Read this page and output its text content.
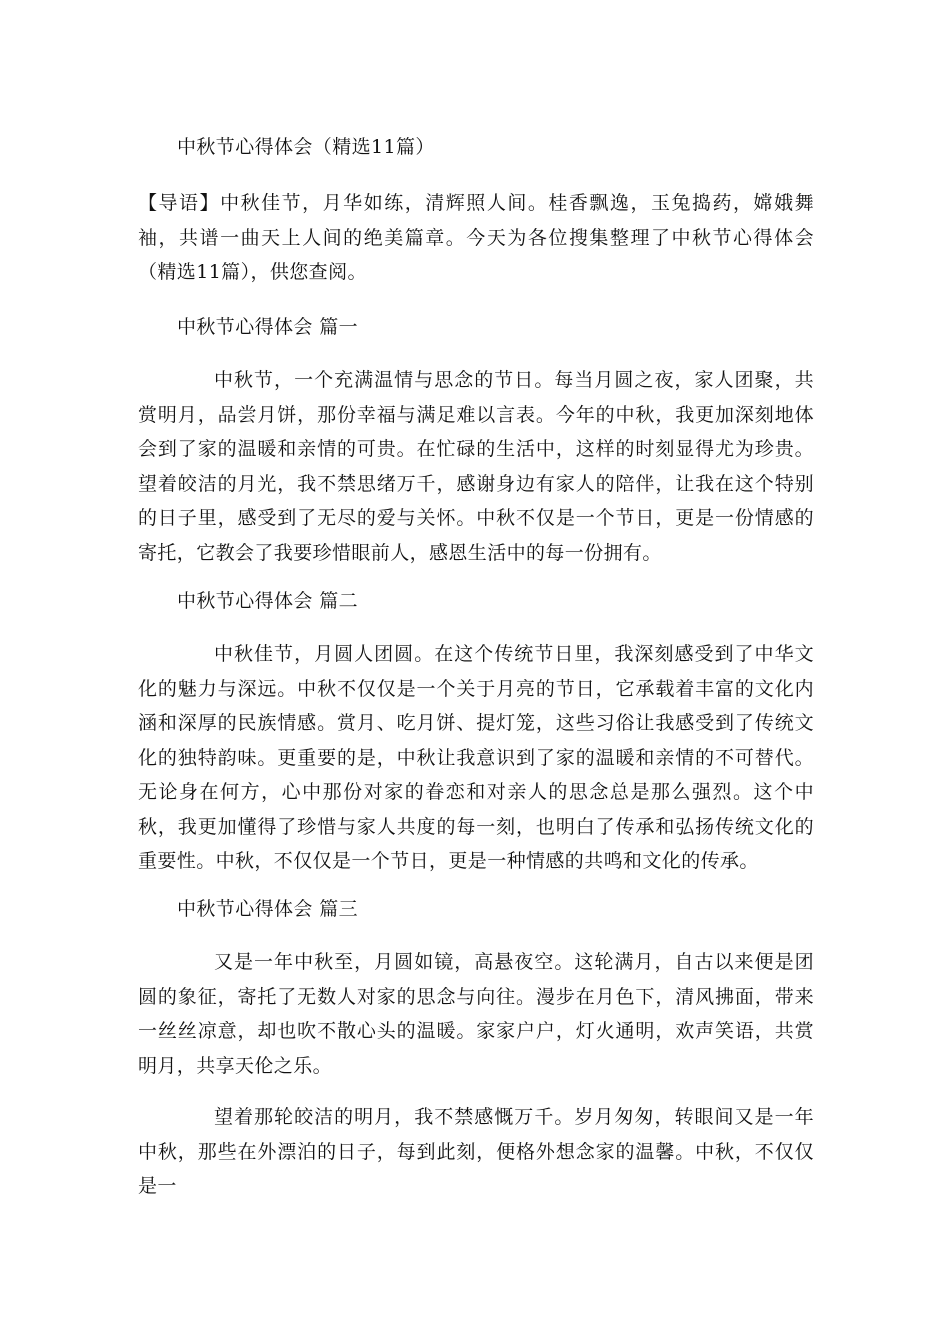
中秋节心得体会（精选11篇）
【导语】中秋佳节，月华如练，清辉照人间。桂香飘逸，玉兔捣药，嫦娥舞袖，共谱一曲天上人间的绝美篇章。今天为各位搜集整理了中秋节心得体会（精选11篇），供您查阅。
中秋节心得体会 篇一
中秋节，一个充满温情与思念的节日。每当月圆之夜，家人团聚，共赏明月，品尝月饼，那份幸福与满足难以言表。今年的中秋，我更加深刻地体会到了家的温暖和亲情的可贵。在忙碌的生活中，这样的时刻显得尤为珍贵。望着皎洁的月光，我不禁思绪万千，感谢身边有家人的陪伴，让我在这个特别的日子里，感受到了无尽的爱与关怀。中秋不仅是一个节日，更是一份情感的寄托，它教会了我要珍惜眼前人，感恩生活中的每一份拥有。
中秋节心得体会 篇二
中秋佳节，月圆人团圆。在这个传统节日里，我深刻感受到了中华文化的魅力与深远。中秋不仅仅是一个关于月亮的节日，它承载着丰富的文化内涵和深厚的民族情感。赏月、吃月饼、提灯笼，这些习俗让我感受到了传统文化的独特韵味。更重要的是，中秋让我意识到了家的温暖和亲情的不可替代。无论身在何方，心中那份对家的眷恋和对亲人的思念总是那么强烈。这个中秋，我更加懂得了珍惜与家人共度的每一刻，也明白了传承和弘扬传统文化的重要性。中秋，不仅仅是一个节日，更是一种情感的共鸣和文化的传承。
中秋节心得体会 篇三
又是一年中秋至，月圆如镜，高悬夜空。这轮满月，自古以来便是团圆的象征，寄托了无数人对家的思念与向往。漫步在月色下，清风拂面，带来一丝丝凉意，却也吹不散心头的温暖。家家户户，灯火通明，欢声笑语，共赏明月，共享天伦之乐。
望着那轮皎洁的明月，我不禁感慨万千。岁月匆匆，转眼间又是一年中秋，那些在外漂泊的日子，每到此刻，便格外想念家的温馨。中秋，不仅仅是一
